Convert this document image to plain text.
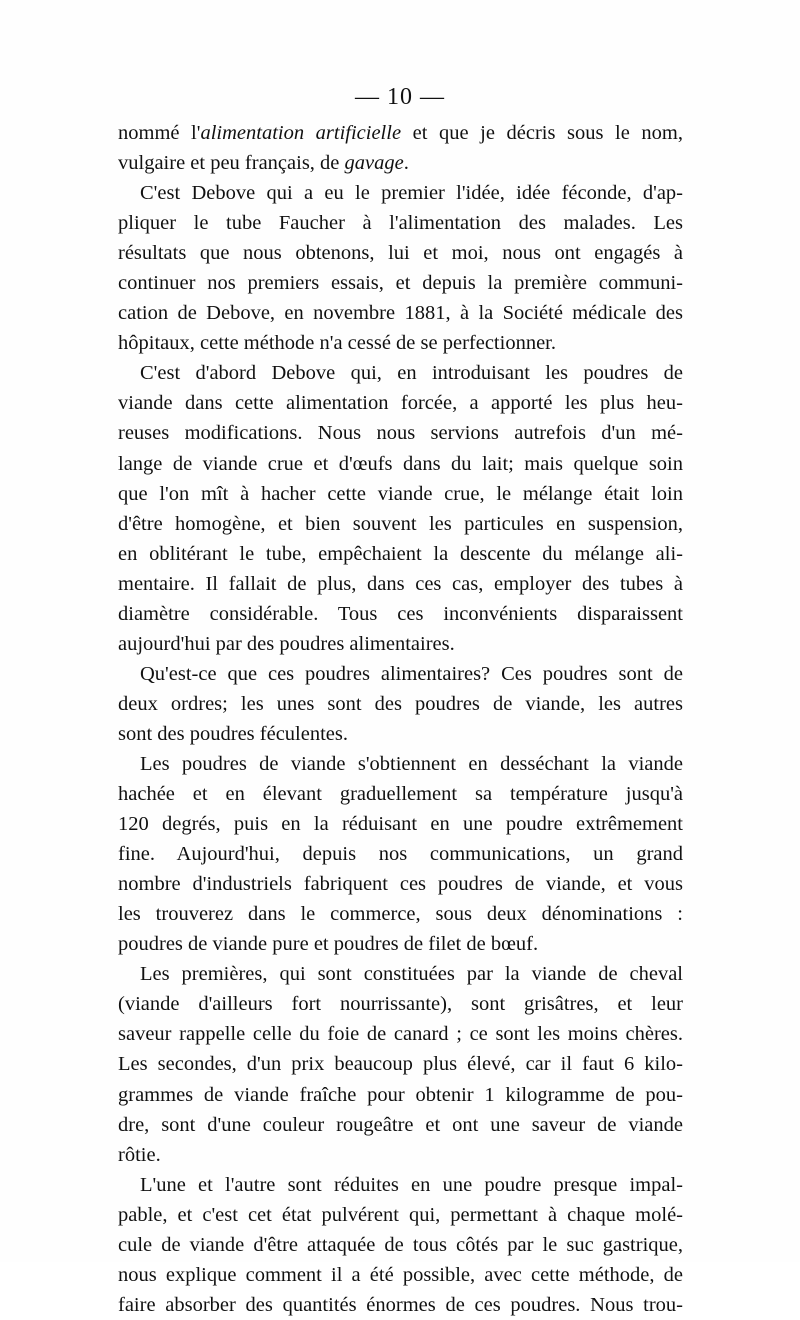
— 10 —
nommé l'alimentation artificielle et que je décris sous le nom,
vulgaire et peu français, de gavage.
C'est Debove qui a eu le premier l'idée, idée féconde, d'ap-
pliquer le tube Faucher à l'alimentation des malades. Les
résultats que nous obtenons, lui et moi, nous ont engagés à
continuer nos premiers essais, et depuis la première communi-
cation de Debove, en novembre 1881, à la Société médicale des
hôpitaux, cette méthode n'a cessé de se perfectionner.
C'est d'abord Debove qui, en introduisant les poudres de
viande dans cette alimentation forcée, a apporté les plus heu-
reuses modifications. Nous nous servions autrefois d'un mé-
lange de viande crue et d'œufs dans du lait; mais quelque soin
que l'on mît à hacher cette viande crue, le mélange était loin
d'être homogène, et bien souvent les particules en suspension,
en oblitérant le tube, empêchaient la descente du mélange ali-
mentaire. Il fallait de plus, dans ces cas, employer des tubes à
diamètre considérable. Tous ces inconvénients disparaissent
aujourd'hui par des poudres alimentaires.
Qu'est-ce que ces poudres alimentaires? Ces poudres sont de
deux ordres; les unes sont des poudres de viande, les autres
sont des poudres féculentes.
Les poudres de viande s'obtiennent en desséchant la viande
hachée et en élevant graduellement sa température jusqu'à
120 degrés, puis en la réduisant en une poudre extrêmement
fine. Aujourd'hui, depuis nos communications, un grand
nombre d'industriels fabriquent ces poudres de viande, et vous
les trouverez dans le commerce, sous deux dénominations :
poudres de viande pure et poudres de filet de bœuf.
Les premières, qui sont constituées par la viande de cheval
(viande d'ailleurs fort nourrissante), sont grisâtres, et leur
saveur rappelle celle du foie de canard ; ce sont les moins chères.
Les secondes, d'un prix beaucoup plus élevé, car il faut 6 kilo-
grammes de viande fraîche pour obtenir 1 kilogramme de pou-
dre, sont d'une couleur rougeâtre et ont une saveur de viande
rôtie.
L'une et l'autre sont réduites en une poudre presque impal-
pable, et c'est cet état pulvérent qui, permettant à chaque molé-
cule de viande d'être attaquée de tous côtés par le suc gastrique,
nous explique comment il a été possible, avec cette méthode, de
faire absorber des quantités énormes de ces poudres. Nous trou-
